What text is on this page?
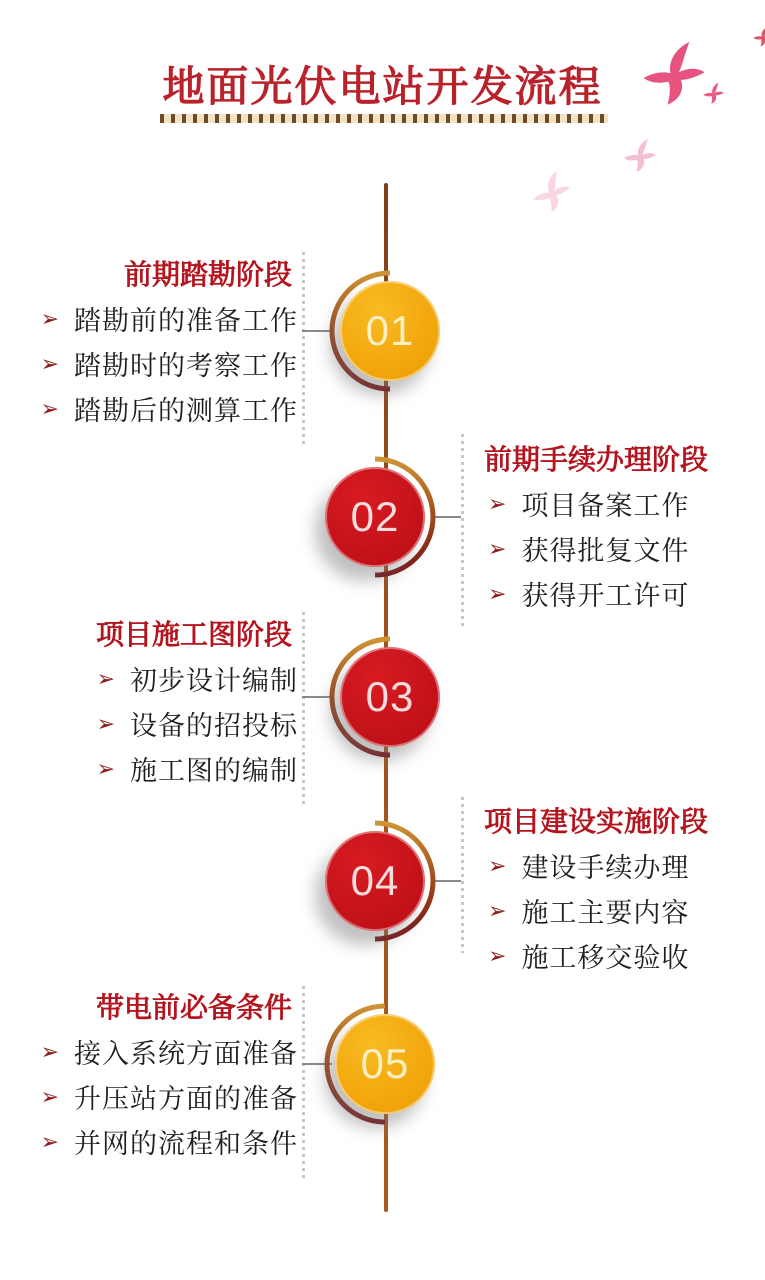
地面光伏电站开发流程
前期踏勘阶段
➢ 踏勘前的准备工作
➢ 踏勘时的考察工作
➢ 踏勘后的测算工作
01
前期手续办理阶段
➢ 项目备案工作
➢ 获得批复文件
➢ 获得开工许可
02
项目施工图阶段
➢ 初步设计编制
➢ 设备的招投标
➢ 施工图的编制
03
项目建设实施阶段
➢ 建设手续办理
➢ 施工主要内容
➢ 施工移交验收
04
带电前必备条件
➢ 接入系统方面准备
➢ 升压站方面的准备
➢ 并网的流程和条件
05
